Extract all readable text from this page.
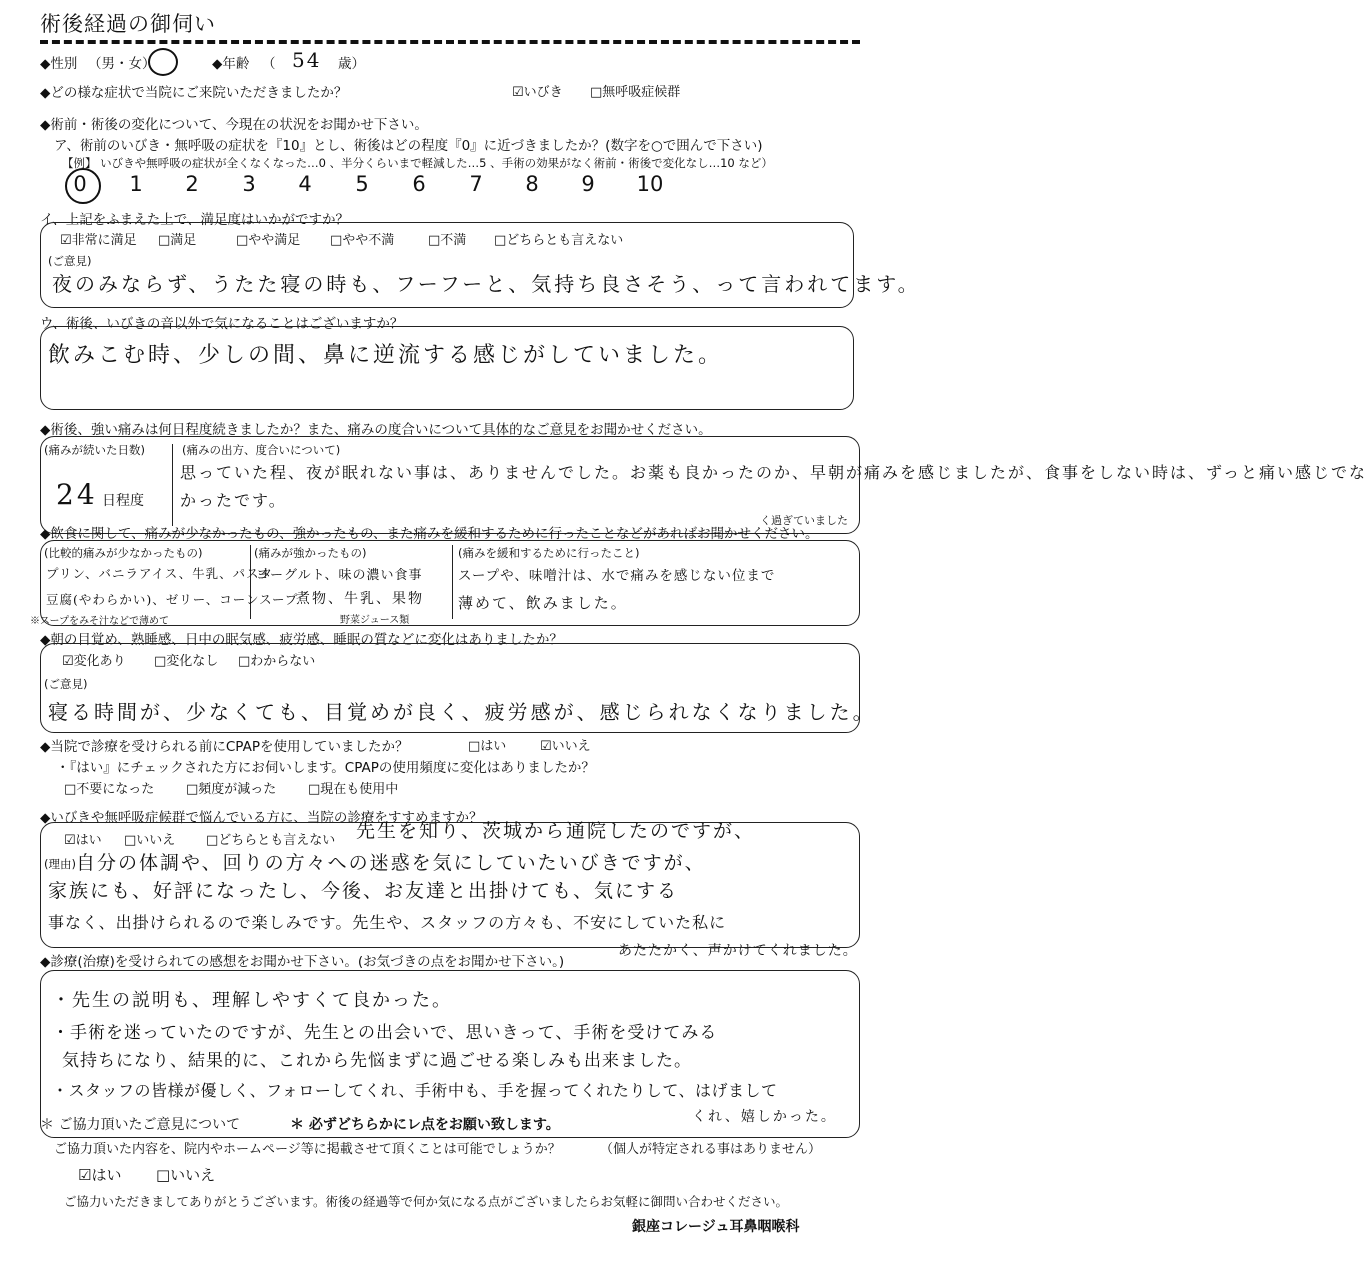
術後経過の御伺い
◆性別 （男・女）	◆年齢 （ 54 歳）
◆どの様な症状で当院にご来院いただきましたか？	☑いびき □無呼吸症候群
◆術前・術後の変化について、今現在の状況をお聞かせ下さい。
ア、術前のいびき・無呼吸の症状を『10』とし、術後はどの程度『0』に近づきましたか？(数字を○で囲んで下さい)
【例】 いびきや無呼吸の症状が全くなくなった…0 、半分くらいまで軽減した…5 、手術の効果がなく術前・術後で変化なし…10 など）
0	1	2	3	4	5	6	7	8	9	10
イ、上記をふまえた上で、満足度はいかがですか？
☑非常に満足 □満足	□やや満足 □やや不満	□不満 □どちらとも言えない
(ご意見)
夜のみならず、うたた寝の時も、フーフーと、気持ち良さそう、って言われてます。
ウ、術後、いびきの音以外で気になることはございますか？
飲みこむ時、少しの間、鼻に逆流する感じがしていました。
◆術後、強い痛みは何日程度続きましたか？また、痛みの度合いについて具体的なご意見をお聞かせください。
(痛みが続いた日数)
24 日程度
(痛みの出方、度合いについて)
思っていた程、夜が眠れない事は、ありませんでした。お薬も良かったのか、早朝が痛みを感じましたが、食事をしない時は、ずっと痛い感じでな
かったです。
く過ぎていました
◆飲食に関して、痛みが少なかったもの、強かったもの、また痛みを緩和するために行ったことなどがあればお聞かせください。
(比較的痛みが少なかったもの)
プリン、バニラアイス、牛乳、パスタ
豆腐(やわらかい)、ゼリー、コーンスープ
※スープをみそ汁などで薄めて
(痛みが強かったもの)
ヨーグルト、味の濃い食事
煮物、牛乳、果物
野菜ジュース類
(痛みを緩和するために行ったこと)
スープや、味噌汁は、水で痛みを感じない位まで
薄めて、飲みました。
◆朝の目覚め、熟睡感、日中の眠気感、疲労感、睡眠の質などに変化はありましたか？
☑変化あり □変化なし □わからない
(ご意見)
寝る時間が、少なくても、目覚めが良く、疲労感が、感じられなくなりました。
◆当院で診療を受けられる前にCPAPを使用していましたか？	□はい	☑いいえ
・『はい』にチェックされた方にお伺いします。CPAPの使用頻度に変化はありましたか？
□不要になった □頻度が減った □現在も使用中
◆いびきや無呼吸症候群で悩んでいる方に、当院の診療をすすめますか？
☑はい □いいえ □どちらとも言えない 先生を知り、茨城から通院したのですが、
(理由) 自分の体調や、回りの方々への迷惑を気にしていたいびきですが、
家族にも、好評になったし、今後、お友達と出掛けても、気にする
事なく、出掛けられるので楽しみです。先生や、スタッフの方々も、不安にしていた私に
あたたかく、声かけてくれました。
◆診療(治療)を受けられての感想をお聞かせ下さい。(お気づきの点をお聞かせ下さい。)
・先生の説明も、理解しやすくて良かった。
・手術を迷っていたのですが、先生との出会いで、思いきって、手術を受けてみる
気持ちになり、結果的に、これから先悩まずに過ごせる楽しみも出来ました。
・スタッフの皆様が優しく、フォローしてくれ、手術中も、手を握ってくれたりして、はげまして
くれ、嬉しかった。
＊ ご協力頂いたご意見について	＊ 必ずどちらかにレ点をお願い致します。
ご協力頂いた内容を、院内やホームページ等に掲載させて頂くことは可能でしょうか？	（個人が特定される事はありません）
☑はい □いいえ
ご協力いただきましてありがとうございます。術後の経過等で何か気になる点がございましたらお気軽に御問い合わせください。
銀座コレージュ耳鼻咽喉科
